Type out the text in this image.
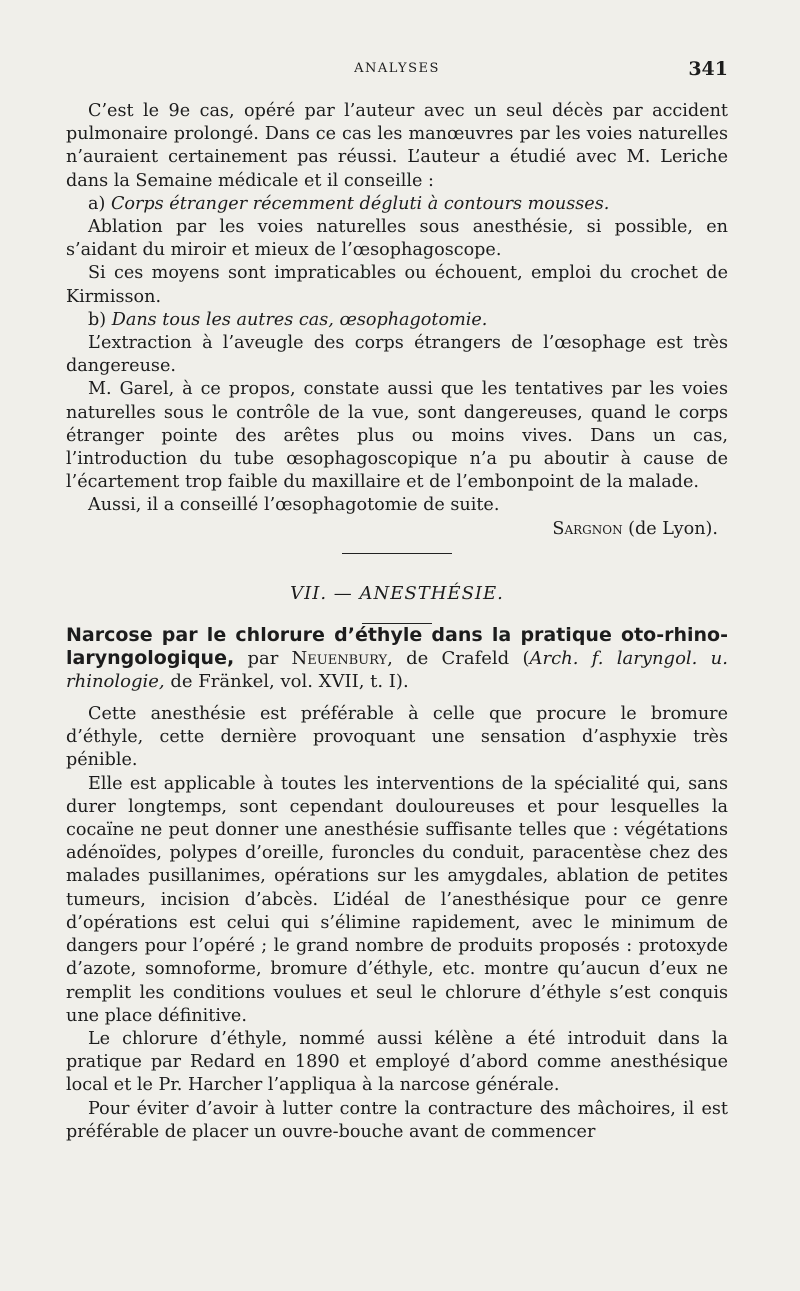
ANALYSES	341

C’est le 9e cas, opéré par l’auteur avec un seul décès par accident pulmonaire prolongé. Dans ce cas les manœuvres par les voies naturelles n’auraient certainement pas réussi. L’auteur a étudié avec M. Leriche dans la Semaine médicale et il conseille :

a) Corps étranger récemment dégluti à contours mousses.

Ablation par les voies naturelles sous anesthésie, si possible, en s’aidant du miroir et mieux de l’œsophagoscope.

Si ces moyens sont impraticables ou échouent, emploi du crochet de Kirmisson.

b) Dans tous les autres cas, œsophagotomie.

L’extraction à l’aveugle des corps étrangers de l’œsophage est très dangereuse.

M. Garel, à ce propos, constate aussi que les tentatives par les voies naturelles sous le contrôle de la vue, sont dangereuses, quand le corps étranger pointe des arêtes plus ou moins vives. Dans un cas, l’introduction du tube œsophagoscopique n’a pu aboutir à cause de l’écartement trop faible du maxillaire et de l’embonpoint de la malade.

Aussi, il a conseillé l’œsophagotomie de suite.

Sargnon (de Lyon).

VII. — ANESTHÉSIE.

Narcose par le chlorure d’éthyle dans la pratique oto-rhino-laryngologique, par Neuenbury, de Crafeld (Arch. f. laryngol. u. rhinologie, de Fränkel, vol. XVII, t. I).

Cette anesthésie est préférable à celle que procure le bromure d’éthyle, cette dernière provoquant une sensation d’asphyxie très pénible.

Elle est applicable à toutes les interventions de la spécialité qui, sans durer longtemps, sont cependant douloureuses et pour lesquelles la cocaïne ne peut donner une anesthésie suffisante telles que : végétations adénoïdes, polypes d’oreille, furoncles du conduit, paracentèse chez des malades pusillanimes, opérations sur les amygdales, ablation de petites tumeurs, incision d’abcès. L’idéal de l’anesthésique pour ce genre d’opérations est celui qui s’élimine rapidement, avec le minimum de dangers pour l’opéré ; le grand nombre de produits proposés : protoxyde d’azote, somnoforme, bromure d’éthyle, etc. montre qu’aucun d’eux ne remplit les conditions voulues et seul le chlorure d’éthyle s’est conquis une place définitive.

Le chlorure d’éthyle, nommé aussi kélène a été introduit dans la pratique par Redard en 1890 et employé d’abord comme anesthésique local et le Pr. Harcher l’appliqua à la narcose générale.

Pour éviter d’avoir à lutter contre la contracture des mâchoires, il est préférable de placer un ouvre-bouche avant de commencer
